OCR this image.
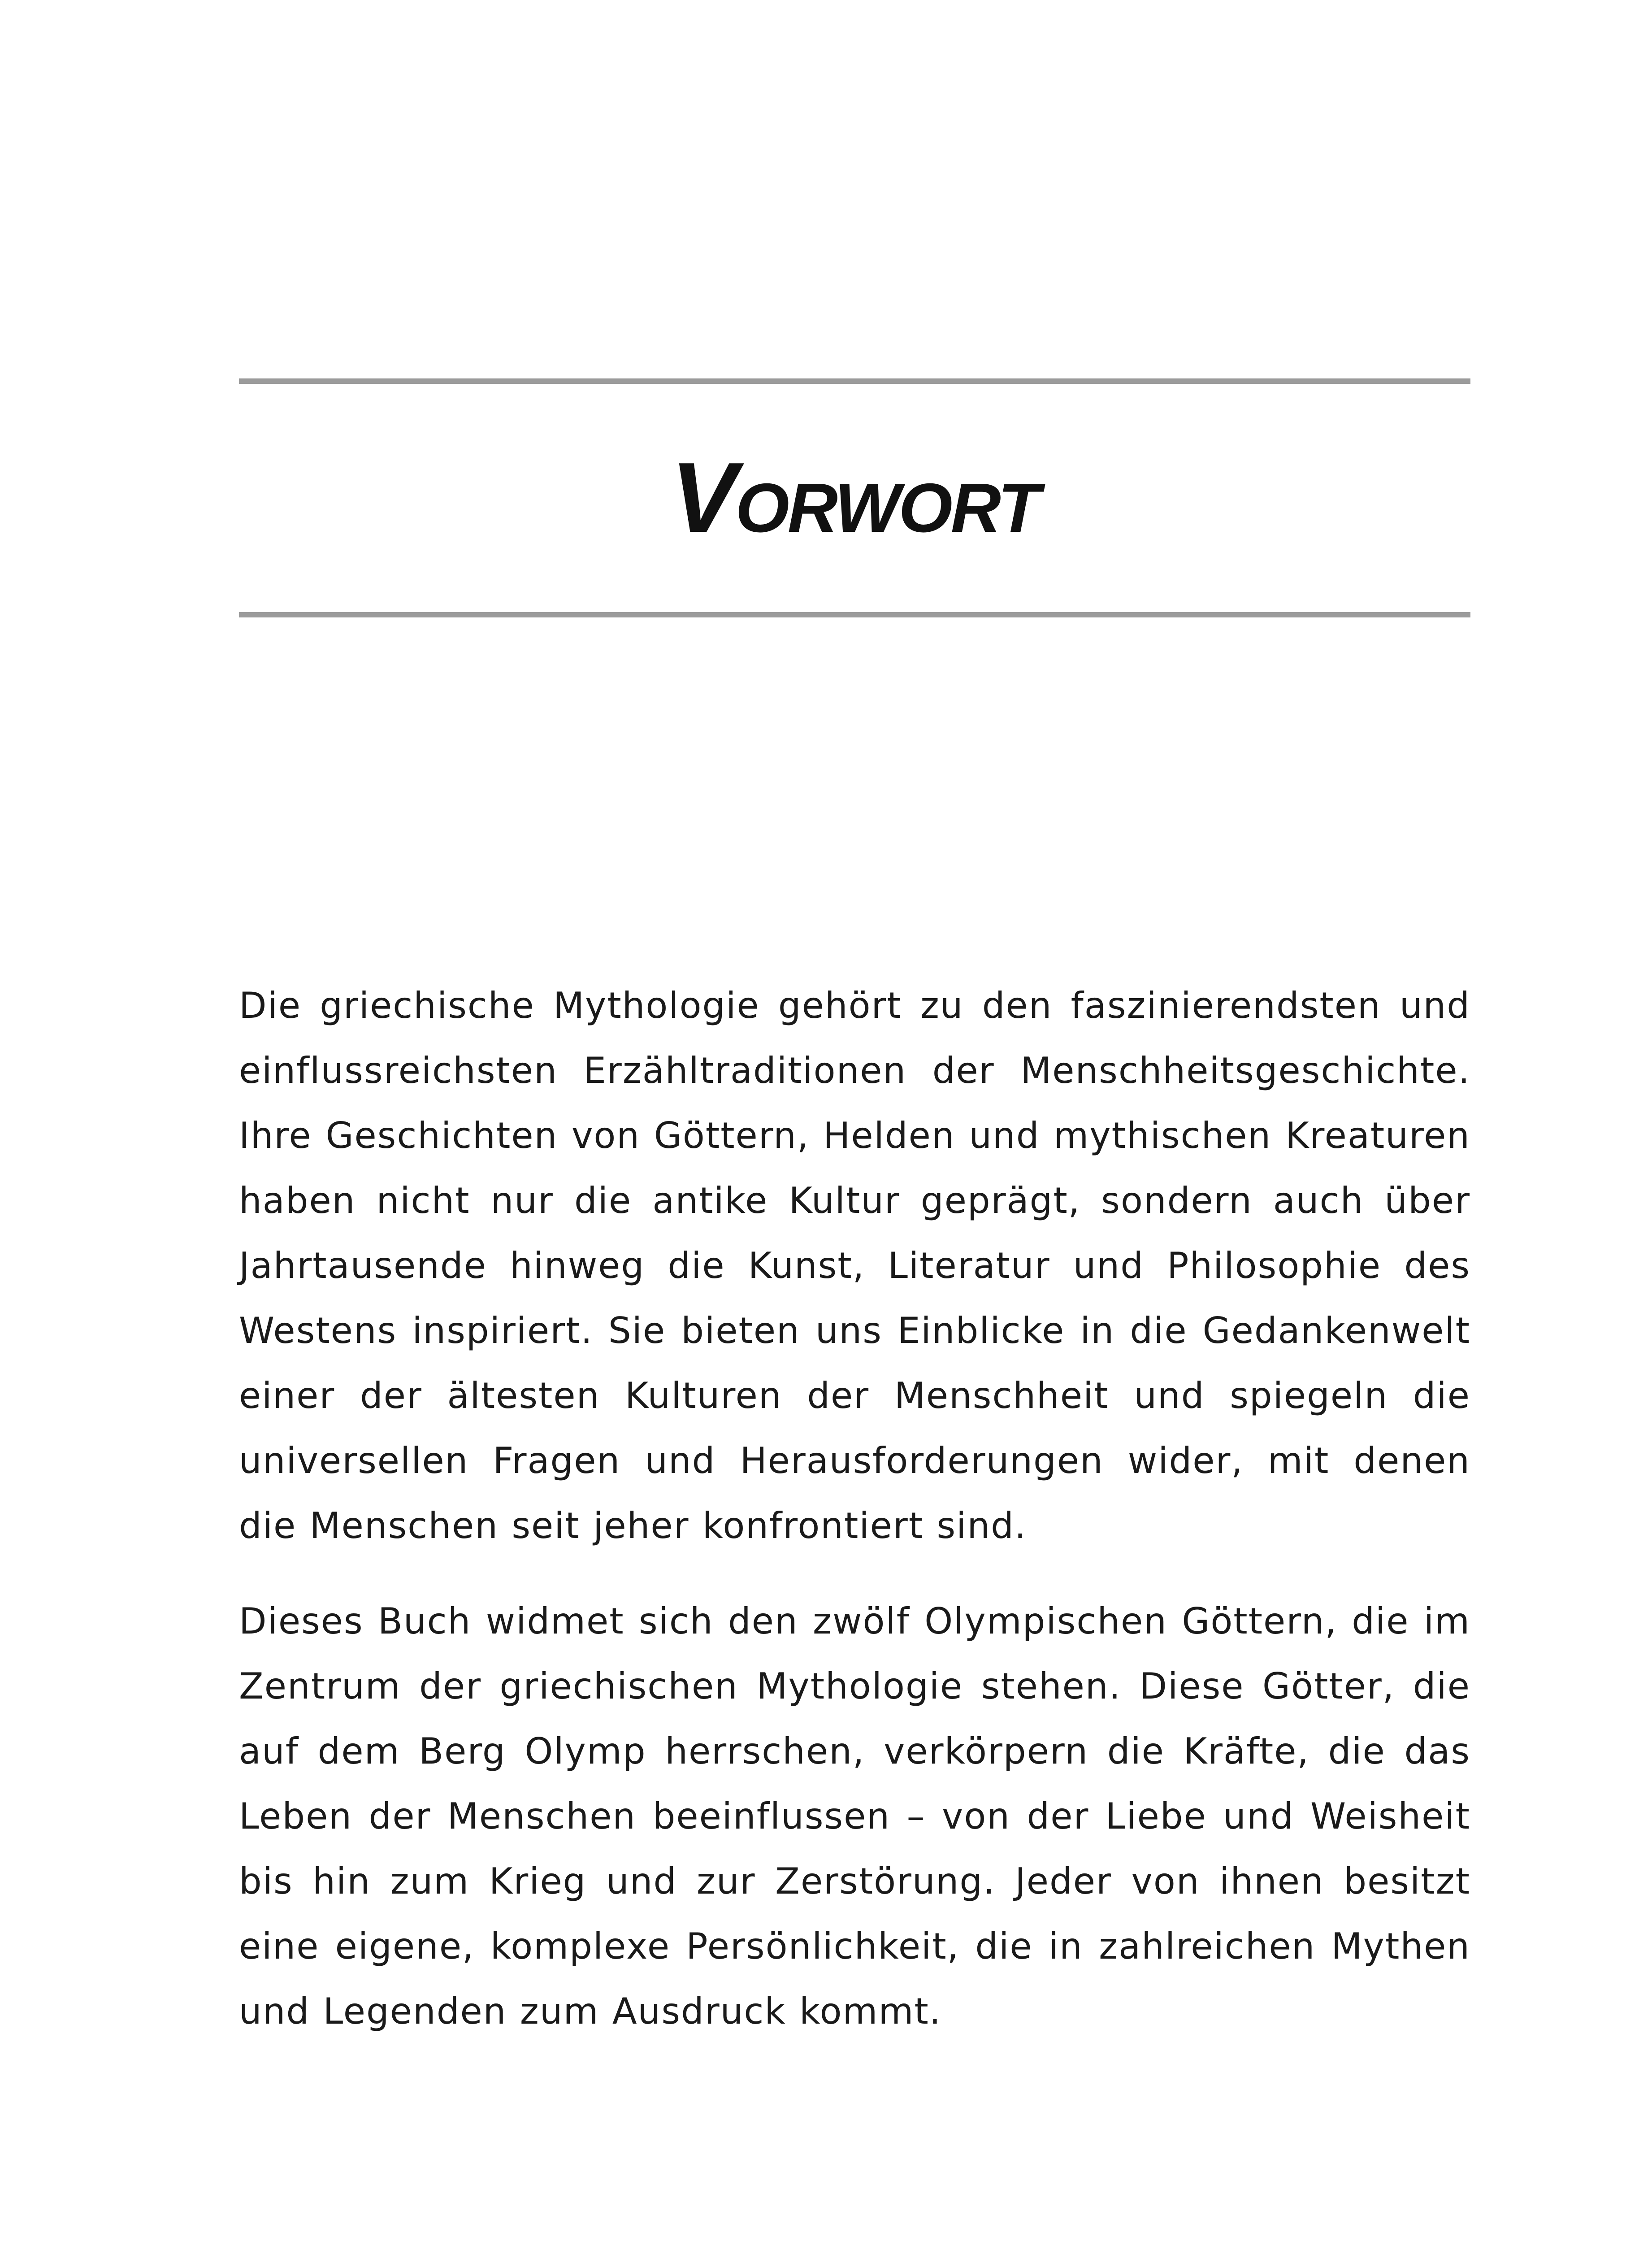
Vorwort

Die griechische Mythologie gehört zu den faszinierendsten und einflussreichsten Erzähltraditionen der Menschheitsgeschichte. Ihre Geschichten von Göttern, Helden und mythischen Kreaturen haben nicht nur die antike Kultur geprägt, sondern auch über Jahrtausende hinweg die Kunst, Literatur und Philosophie des Westens inspiriert. Sie bieten uns Einblicke in die Gedankenwelt einer der ältesten Kulturen der Menschheit und spiegeln die universellen Fragen und Herausforderungen wider, mit denen die Menschen seit jeher konfrontiert sind.

Dieses Buch widmet sich den zwölf Olympischen Göttern, die im Zentrum der griechischen Mythologie stehen. Diese Götter, die auf dem Berg Olymp herrschen, verkörpern die Kräfte, die das Leben der Menschen beeinflussen – von der Liebe und Weisheit bis hin zum Krieg und zur Zerstörung. Jeder von ihnen besitzt eine eigene, komplexe Persönlichkeit, die in zahlreichen Mythen und Legenden zum Ausdruck kommt.
